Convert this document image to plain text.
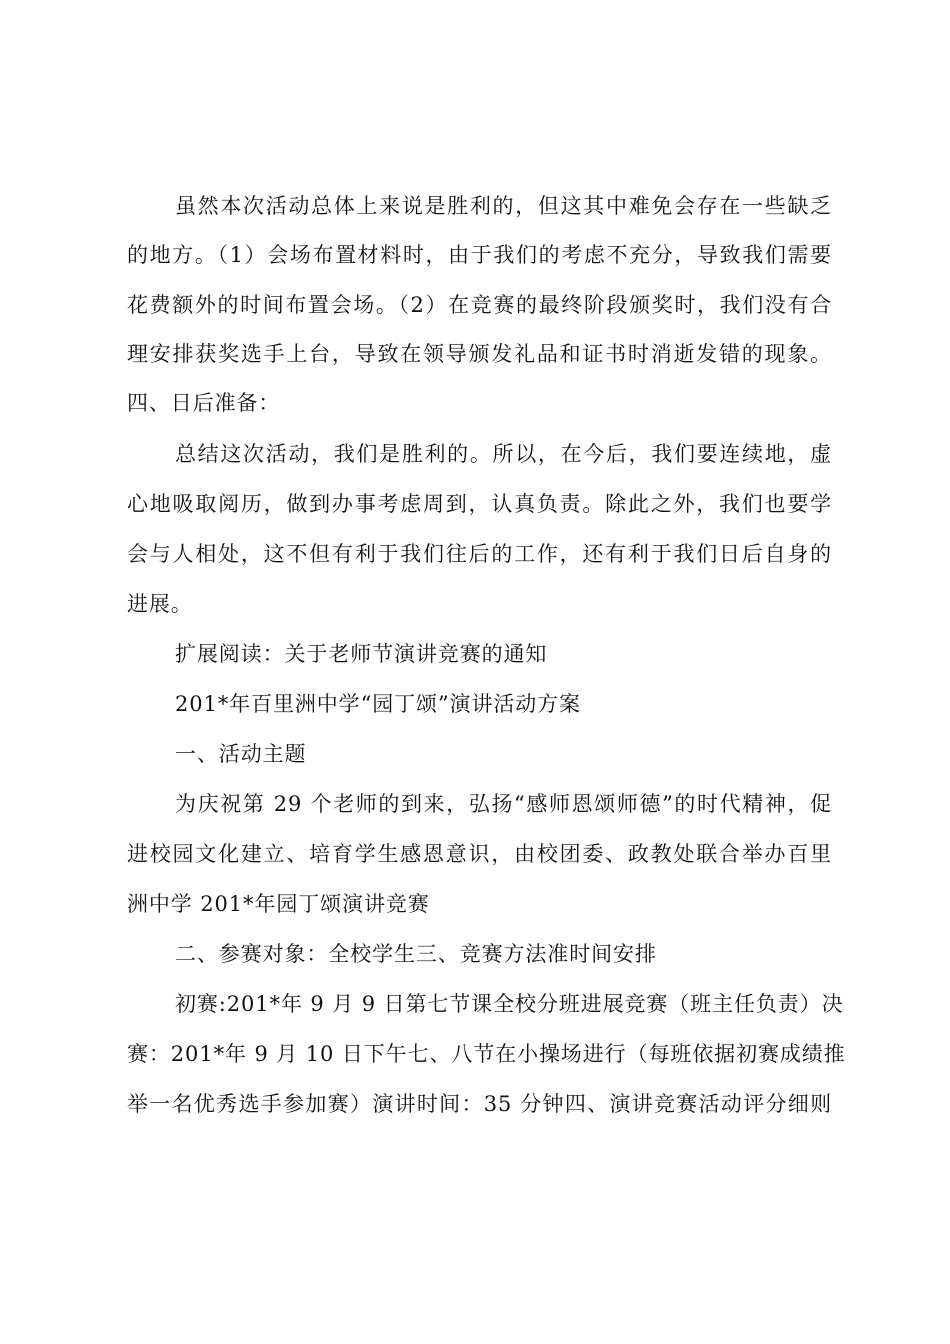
虽然本次活动总体上来说是胜利的，但这其中难免会存在一些缺乏
的地方。（1）会场布置材料时，由于我们的考虑不充分，导致我们需要
花费额外的时间布置会场。（2）在竞赛的最终阶段颁奖时，我们没有合
理安排获奖选手上台，导致在领导颁发礼品和证书时消逝发错的现象。
四、日后准备：
总结这次活动，我们是胜利的。所以，在今后，我们要连续地，虚
心地吸取阅历，做到办事考虑周到，认真负责。除此之外，我们也要学
会与人相处，这不但有利于我们往后的工作，还有利于我们日后自身的
进展。
扩展阅读：关于老师节演讲竞赛的通知
201*年百里洲中学“园丁颂”演讲活动方案
一、活动主题
为庆祝第 29 个老师的到来，弘扬“感师恩颂师德”的时代精神，促
进校园文化建立、培育学生感恩意识，由校团委、政教处联合举办百里
洲中学 201*年园丁颂演讲竞赛
二、参赛对象：全校学生三、竞赛方法准时间安排
初赛:201*年 9 月 9 日第七节课全校分班进展竞赛（班主任负责）决
赛：201*年 9 月 10 日下午七、八节在小操场进行（每班依据初赛成绩推
举一名优秀选手参加赛）演讲时间：35 分钟四、演讲竞赛活动评分细则
